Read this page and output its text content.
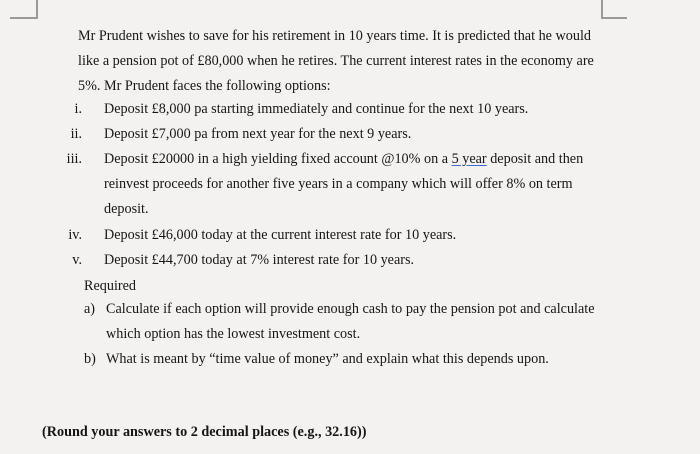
Mr Prudent wishes to save for his retirement in 10 years time. It is predicted that he would like a pension pot of £80,000 when he retires. The current interest rates in the economy are 5%. Mr Prudent faces the following options:

i. Deposit £8,000 pa starting immediately and continue for the next 10 years.
ii. Deposit £7,000 pa from next year for the next 9 years.
iii. Deposit £20000 in a high yielding fixed account @10% on a 5 year deposit and then reinvest proceeds for another five years in a company which will offer 8% on term deposit.
iv. Deposit £46,000 today at the current interest rate for 10 years.
v. Deposit £44,700 today at 7% interest rate for 10 years.
Required
a) Calculate if each option will provide enough cash to pay the pension pot and calculate which option has the lowest investment cost.
b) What is meant by “time value of money” and explain what this depends upon.
(Round your answers to 2 decimal places (e.g., 32.16))
